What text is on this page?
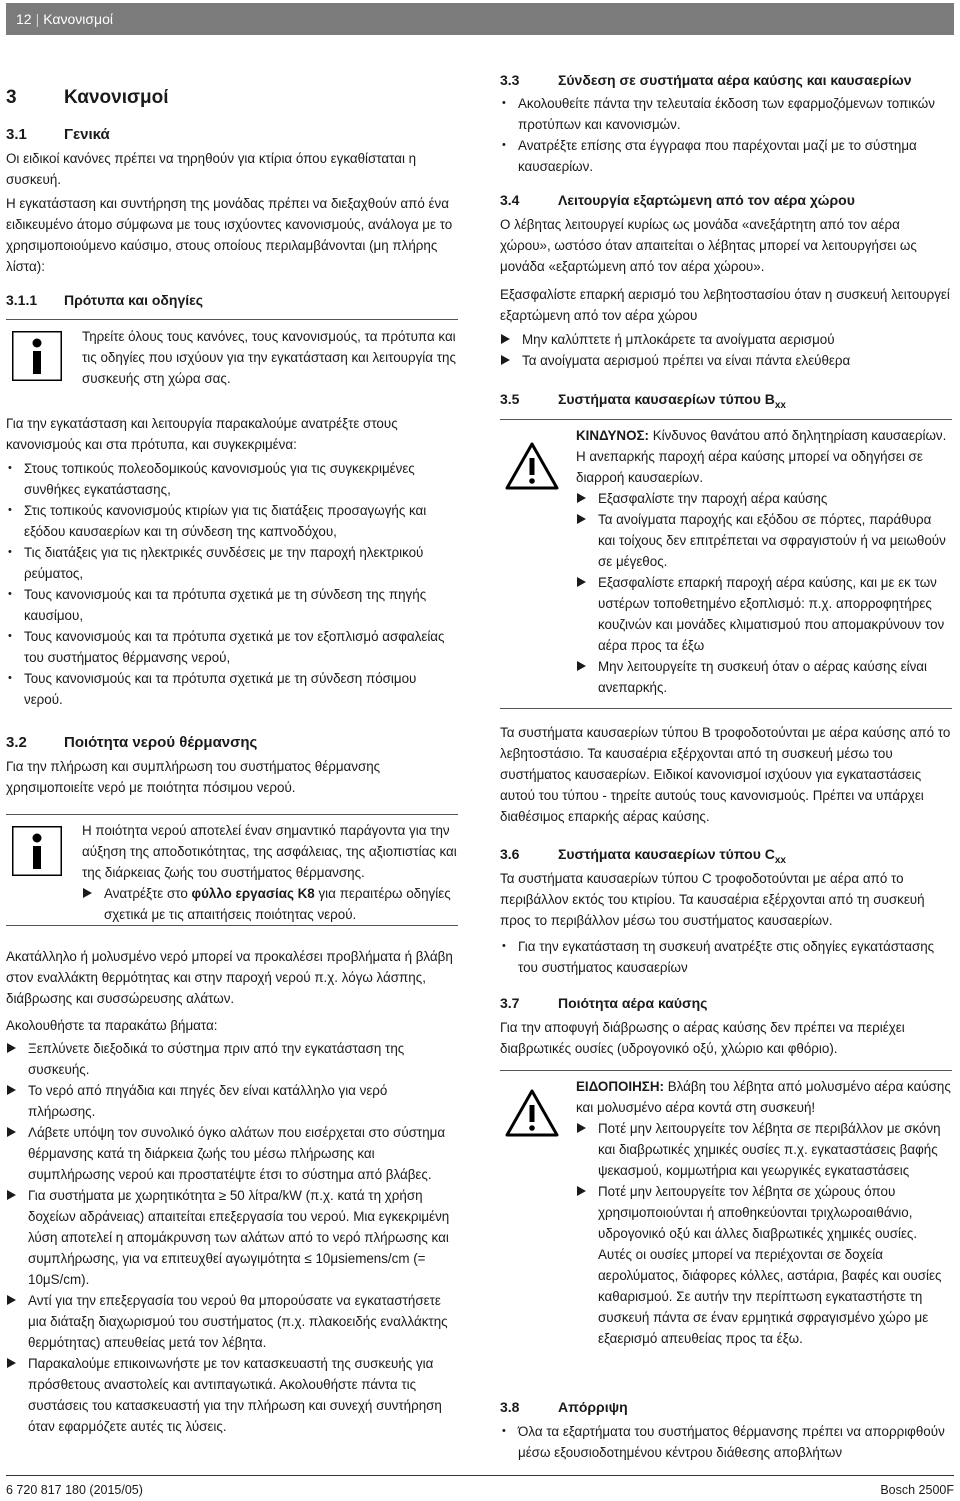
12 | Κανονισμοί
3 Κανονισμοί
3.1 Γενικά

Οι ειδικοί κανόνες πρέπει να τηρηθούν για κτίρια όπου εγκαθίσταται η συσκευή.

Η εγκατάσταση και συντήρηση της μονάδας πρέπει να διεξαχθούν από ένα ειδικευμένο άτομο σύμφωνα με τους ισχύοντες κανονισμούς, ανάλογα με το χρησιμοποιούμενο καύσιμο, στους οποίους περιλαμβάνονται (μη πλήρης λίστα):

3.1.1 Πρότυπα και οδηγίες

Τηρείτε όλους τους κανόνες, τους κανονισμούς, τα πρότυπα και τις οδηγίες που ισχύουν για την εγκατάσταση και λειτουργία της συσκευής στη χώρα σας.

Για την εγκατάσταση και λειτουργία παρακαλούμε ανατρέξτε στους κανονισμούς και στα πρότυπα, και συγκεκριμένα:

• Στους τοπικούς πολεοδομικούς κανονισμούς για τις συγκεκριμένες συνθήκες εγκατάστασης,
• Στις τοπικούς κανονισμούς κτιρίων για τις διατάξεις προσαγωγής και εξόδου καυσαερίων και τη σύνδεση της καπνοδόχου,
• Τις διατάξεις για τις ηλεκτρικές συνδέσεις με την παροχή ηλεκτρικού ρεύματος,
• Τους κανονισμούς και τα πρότυπα σχετικά με τη σύνδεση της πηγής καυσίμου,
• Τους κανονισμούς και τα πρότυπα σχετικά με τον εξοπλισμό ασφαλείας του συστήματος θέρμανσης νερού,
• Τους κανονισμούς και τα πρότυπα σχετικά με τη σύνδεση πόσιμου νερού.
3.2 Ποιότητα νερού θέρμανσης

Για την πλήρωση και συμπλήρωση του συστήματος θέρμανσης χρησιμοποιείτε νερό με ποιότητα πόσιμου νερού.

Η ποιότητα νερού αποτελεί έναν σημαντικό παράγοντα για την αύξηση της αποδοτικότητας, της ασφάλειας, της αξιοπιστίας και της διάρκειας ζωής του συστήματος θέρμανσης.

Ανατρέξτε στο φύλλο εργασίας K8 για περαιτέρω οδηγίες σχετικά με τις απαιτήσεις ποιότητας νερού.

Ακατάλληλο ή μολυσμένο νερό μπορεί να προκαλέσει προβλήματα ή βλάβη στον εναλλάκτη θερμότητας και στην παροχή νερού π.χ. λόγω λάσπης, διάβρωσης και συσσώρευσης αλάτων.

Ακολουθήστε τα παρακάτω βήματα:

Ξεπλύνετε διεξοδικά το σύστημα πριν από την εγκατάσταση της συσκευής.
Το νερό από πηγάδια και πηγές δεν είναι κατάλληλο για νερό πλήρωσης.
Λάβετε υπόψη τον συνολικό όγκο αλάτων που εισέρχεται στο σύστημα θέρμανσης κατά τη διάρκεια ζωής του μέσω πλήρωσης και συμπλήρωσης νερού και προστατέψτε έτσι το σύστημα από βλάβες.
Για συστήματα με χωρητικότητα ≥ 50 λίτρα/kW (π.χ. κατά τη χρήση δοχείων αδράνειας) απαιτείται επεξεργασία του νερού. Μια εγκεκριμένη λύση αποτελεί η απομάκρυνση των αλάτων από το νερό πλήρωσης και συμπλήρωσης, για να επιτευχθεί αγωγιμότητα ≤ 10μsiemens/cm (= 10μS/cm).
Αντί για την επεξεργασία του νερού θα μπορούσατε να εγκαταστήσετε μια διάταξη διαχωρισμού του συστήματος (π.χ. πλακοειδής εναλλάκτης θερμότητας) απευθείας μετά τον λέβητα.
Παρακαλούμε επικοινωνήστε με τον κατασκευαστή της συσκευής για πρόσθετους αναστολείς και αντιπαγωτικά. Ακολουθήστε πάντα τις συστάσεις του κατασκευαστή για την πλήρωση και συνεχή συντήρηση όταν εφαρμόζετε αυτές τις λύσεις.
3.3	Σύνδεση σε συστήματα αέρα καύσης και καυσαερίων
• Ακολουθείτε πάντα την τελευταία έκδοση των εφαρμοζόμενων τοπικών προτύπων και κανονισμών.
• Ανατρέξτε επίσης στα έγγραφα που παρέχονται μαζί με το σύστημα καυσαερίων.
3.4	Λειτουργία εξαρτώμενη από τον αέρα χώρου

Ο λέβητας λειτουργεί κυρίως ως μονάδα «ανεξάρτητη από τον αέρα χώρου», ωστόσο όταν απαιτείται ο λέβητας μπορεί να λειτουργήσει ως μονάδα «εξαρτώμενη από τον αέρα χώρου».

Εξασφαλίστε επαρκή αερισμό του λεβητοστασίου όταν η συσκευή λειτουργεί εξαρτώμενη από τον αέρα χώρου

Μην καλύπτετε ή μπλοκάρετε τα ανοίγματα αερισμού
Τα ανοίγματα αερισμού πρέπει να είναι πάντα ελεύθερα
3.5	Συστήματα καυσαερίων τύπου $B_{xx}$

ΚΙΝΔΥΝΟΣ: Κίνδυνος θανάτου από δηλητηρίαση καυσαερίων. Η ανεπαρκής παροχή αέρα καύσης μπορεί να οδηγήσει σε διαρροή καυσαερίων.

Εξασφαλίστε την παροχή αέρα καύσης
Τα ανοίγματα παροχής και εξόδου σε πόρτες, παράθυρα και τοίχους δεν επιτρέπεται να σφραγιστούν ή να μειωθούν σε μέγεθος.
Εξασφαλίστε επαρκή παροχή αέρα καύσης, και με εκ των υστέρων τοποθετημένο εξοπλισμό: π.χ. απορροφητήρες κουζινών και μονάδες κλιματισμού που απομακρύνουν τον αέρα προς τα έξω
Μην λειτουργείτε τη συσκευή όταν ο αέρας καύσης είναι ανεπαρκής.

Τα συστήματα καυσαερίων τύπου B τροφοδοτούνται με αέρα καύσης από το λεβητοστάσιο. Τα καυσαέρια εξέρχονται από τη συσκευή μέσω του συστήματος καυσαερίων. Ειδικοί κανονισμοί ισχύουν για εγκαταστάσεις αυτού του τύπου - τηρείτε αυτούς τους κανονισμούς. Πρέπει να υπάρχει διαθέσιμος επαρκής αέρας καύσης.

3.6	Συστήματα καυσαερίων τύπου $C_{xx}$

Τα συστήματα καυσαερίων τύπου C τροφοδοτούνται με αέρα από το περιβάλλον εκτός του κτιρίου. Τα καυσαέρια εξέρχονται από τη συσκευή προς το περιβάλλον μέσω του συστήματος καυσαερίων.

• Για την εγκατάσταση τη συσκευή ανατρέξτε στις οδηγίες εγκατάστασης του συστήματος καυσαερίων
3.7	Ποιότητα αέρα καύσης

Για την αποφυγή διάβρωσης ο αέρας καύσης δεν πρέπει να περιέχει διαβρωτικές ουσίες (υδρογονικό οξύ, χλώριο και φθόριο).

ΕΙΔΟΠΟΙΗΣΗ: Βλάβη του λέβητα από μολυσμένο αέρα καύσης και μολυσμένο αέρα κοντά στη συσκευή!

Ποτέ μην λειτουργείτε τον λέβητα σε περιβάλλον με σκόνη και διαβρωτικές χημικές ουσίες π.χ. εγκαταστάσεις βαφής ψεκασμού, κομμωτήρια και γεωργικές εγκαταστάσεις
Ποτέ μην λειτουργείτε τον λέβητα σε χώρους όπου χρησιμοποιούνται ή αποθηκεύονται τριχλωροαιθάνιο, υδρογονικό οξύ και άλλες διαβρωτικές χημικές ουσίες. Αυτές οι ουσίες μπορεί να περιέχονται σε δοχεία αερολύματος, διάφορες κόλλες, αστάρια, βαφές και ουσίες καθαρισμού. Σε αυτήν την περίπτωση εγκαταστήστε τη συσκευή πάντα σε έναν ερμητικά σφραγισμένο χώρο με εξαερισμό απευθείας προς τα έξω.
3.8	Απόρριψη
• Όλα τα εξαρτήματα του συστήματος θέρμανσης πρέπει να απορριφθούν μέσω εξουσιοδοτημένου κέντρου διάθεσης αποβλήτων
6 720 817 180 (2015/05)	Bosch 2500F
